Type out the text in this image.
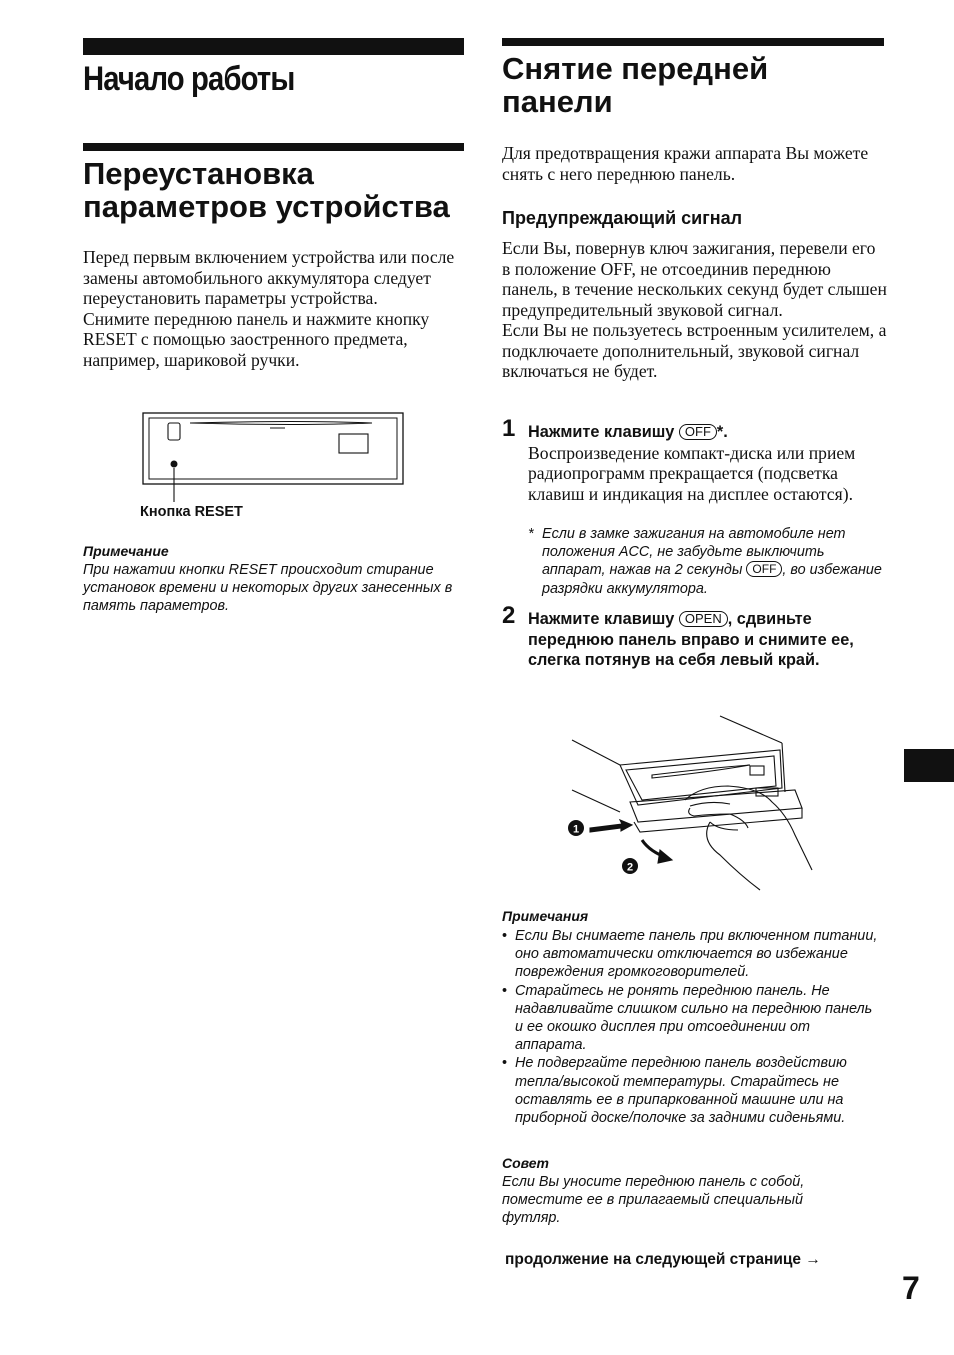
Начало работы
Переустановка
параметров устройства

Перед первым включением устройства или после замены автомобильного аккумулятора следует переустановить параметры устройства.

Снимите переднюю панель и нажмите кнопку RESET с помощью заостренного предмета, например, шариковой ручки.

Кнопка RESET
Примечание
При нажатии кнопки RESET происходит стирание установок времени и некоторых других занесенных в память параметров.
Снятие передней
панели
Для предотвращения кражи аппарата Вы можете снять с него переднюю панель.
Предупреждающий сигнал

Если Вы, повернув ключ зажигания, перевели его в положение OFF, не отсоединив переднюю панель, в течение нескольких секунд будет слышен предупредительный звуковой сигнал.

Если Вы не пользуетесь встроенным усилителем, а подключаете дополнительный, звуковой сигнал включаться не будет.

1 Нажмите клавишу OFF *.
Воспроизведение компакт-диска или прием радиопрограмм прекращается (подсветка клавиш и индикация на дисплее остаются).
* Если в замке зажигания на автомобиле нет положения ACC, не забудьте выключить аппарат, нажав на 2 секунды OFF , во избежание разрядки аккумулятора.
2 Нажмите клавишу OPEN , сдвиньте переднюю панель вправо и снимите ее, слегка потянув на себя левый край.
1
2
Примечания
• Если Вы снимаете панель при включенном питании, оно автоматически отключается во избежание повреждения громкоговорителей.
• Старайтесь не ронять переднюю панель. Не надавливайте слишком сильно на переднюю панель и ее окошко дисплея при отсоединении от аппарата.
• Не подвергайте переднюю панель воздействию тепла/высокой температуры. Старайтесь не оставлять ее в припаркованной машине или на приборной доске/полочке за задними сиденьями.
Совет
Если Вы уносите переднюю панель с собой, поместите ее в прилагаемый специальный футляр.
продолжение на следующей странице →
7
